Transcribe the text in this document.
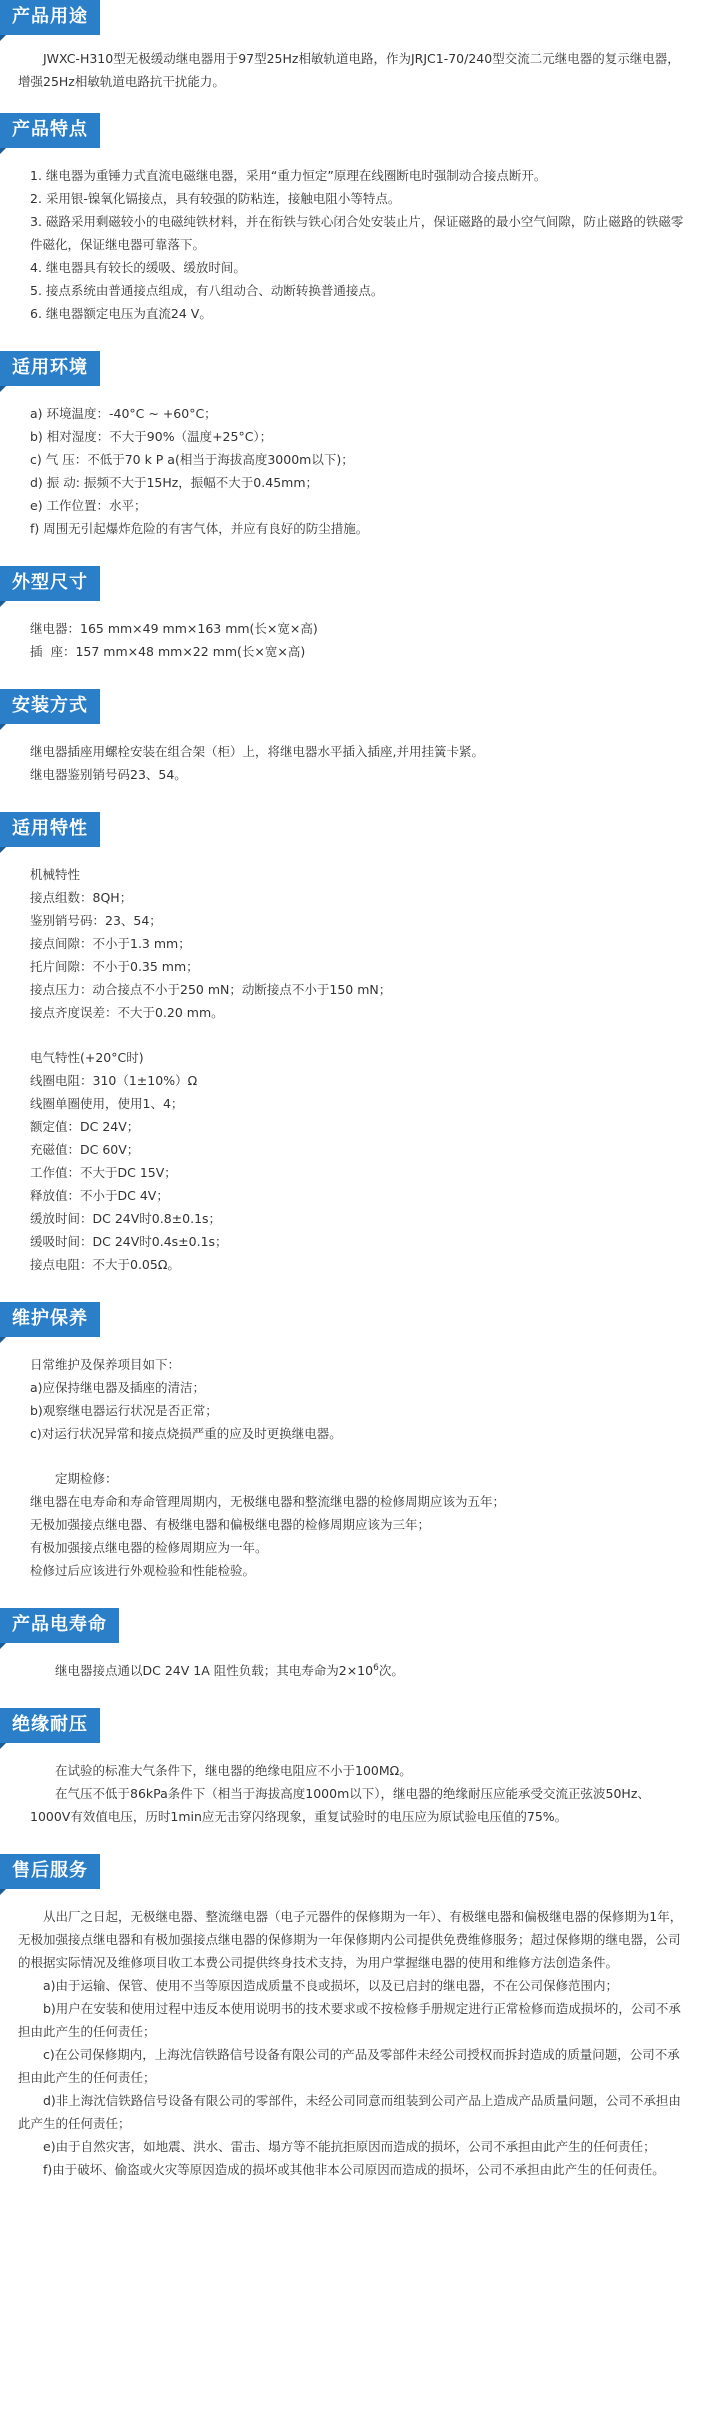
产品用途

JWXC-H310型无极缓动继电器用于97型25Hz相敏轨道电路，作为JRJC1-70/240型交流二元继电器的复示继电器，增强25Hz相敏轨道电路抗干扰能力。

产品特点

1. 继电器为重锤力式直流电磁继电器，采用“重力恒定”原理在线圈断电时强制动合接点断开。

2. 采用银-镍氧化镉接点，具有较强的防粘连，接触电阻小等特点。

3. 磁路采用剩磁较小的电磁纯铁材料，并在衔铁与铁心闭合处安装止片，保证磁路的最小空气间隙，防止磁路的铁磁零件磁化，保证继电器可靠落下。

4. 继电器具有较长的缓吸、缓放时间。

5. 接点系统由普通接点组成，有八组动合、动断转换普通接点。

6. 继电器额定电压为直流24 V。

适用环境

a) 环境温度：-40°C ~ +60°C；

b) 相对湿度：不大于90%（温度+25°C）；

c) 气 压：不低于70 k P a(相当于海拔高度3000m以下)；

d) 振 动: 振频不大于15Hz，振幅不大于0.45mm；

e) 工作位置：水平；

f) 周围无引起爆炸危险的有害气体，并应有良好的防尘措施。

外型尺寸

继电器：165 mm×49 mm×163 mm(长×宽×高)

插  座：157 mm×48 mm×22 mm(长×宽×高)

安装方式

继电器插座用螺栓安装在组合架（柜）上，将继电器水平插入插座,并用挂簧卡紧。

继电器鉴别销号码23、54。

适用特性

机械特性

接点组数：8QH；

鉴别销号码：23、54；

接点间隙：不小于1.3 mm；

托片间隙：不小于0.35 mm；

接点压力：动合接点不小于250 mN；动断接点不小于150 mN；

接点齐度误差：不大于0.20 mm。

电气特性(+20°C时)

线圈电阻：310（1±10%）Ω

线圈单圈使用，使用1、4；

额定值：DC 24V；

充磁值：DC 60V；

工作值：不大于DC 15V；

释放值：不小于DC 4V；

缓放时间：DC 24V时0.8±0.1s；

缓吸时间：DC 24V时0.4s±0.1s；

接点电阻：不大于0.05Ω。

维护保养

日常维护及保养项目如下：

a)应保持继电器及插座的清洁；

b)观察继电器运行状况是否正常；

c)对运行状况异常和接点烧损严重的应及时更换继电器。

定期检修：

继电器在电寿命和寿命管理周期内，无极继电器和整流继电器的检修周期应该为五年；

无极加强接点继电器、有极继电器和偏极继电器的检修周期应该为三年；

有极加强接点继电器的检修周期应为一年。

检修过后应该进行外观检验和性能检验。

产品电寿命

继电器接点通以DC 24V 1A 阻性负载；其电寿命为$2\times 10^6$次。

绝缘耐压

在试验的标准大气条件下，继电器的绝缘电阻应不小于100MΩ。

在气压不低于86kPa条件下（相当于海拔高度1000m以下），继电器的绝缘耐压应能承受交流正弦波50Hz、1000V有效值电压，历时1min应无击穿闪络现象，重复试验时的电压应为原试验电压值的75%。

售后服务

从出厂之日起，无极继电器、整流继电器（电子元器件的保修期为一年）、有极继电器和偏极继电器的保修期为1年，无极加强接点继电器和有极加强接点继电器的保修期为一年保修期内公司提供免费维修服务；超过保修期的继电器，公司的根据实际情况及维修项目收工本费公司提供终身技术支持，为用户掌握继电器的使用和维修方法创造条件。

a)由于运输、保管、使用不当等原因造成质量不良或损坏，以及已启封的继电器，不在公司保修范围内；

b)用户在安装和使用过程中违反本使用说明书的技术要求或不按检修手册规定进行正常检修而造成损坏的，公司不承担由此产生的任何责任；

c)在公司保修期内，上海沈信铁路信号设备有限公司的产品及零部件未经公司授权而拆封造成的质量问题，公司不承担由此产生的任何责任；

d)非上海沈信铁路信号设备有限公司的零部件，未经公司同意而组装到公司产品上造成产品质量问题，公司不承担由此产生的任何责任；

e)由于自然灾害，如地震、洪水、雷击、塌方等不能抗拒原因而造成的损坏，公司不承担由此产生的任何责任；

f)由于破坏、偷盗或火灾等原因造成的损坏或其他非本公司原因而造成的损坏，公司不承担由此产生的任何责任。
